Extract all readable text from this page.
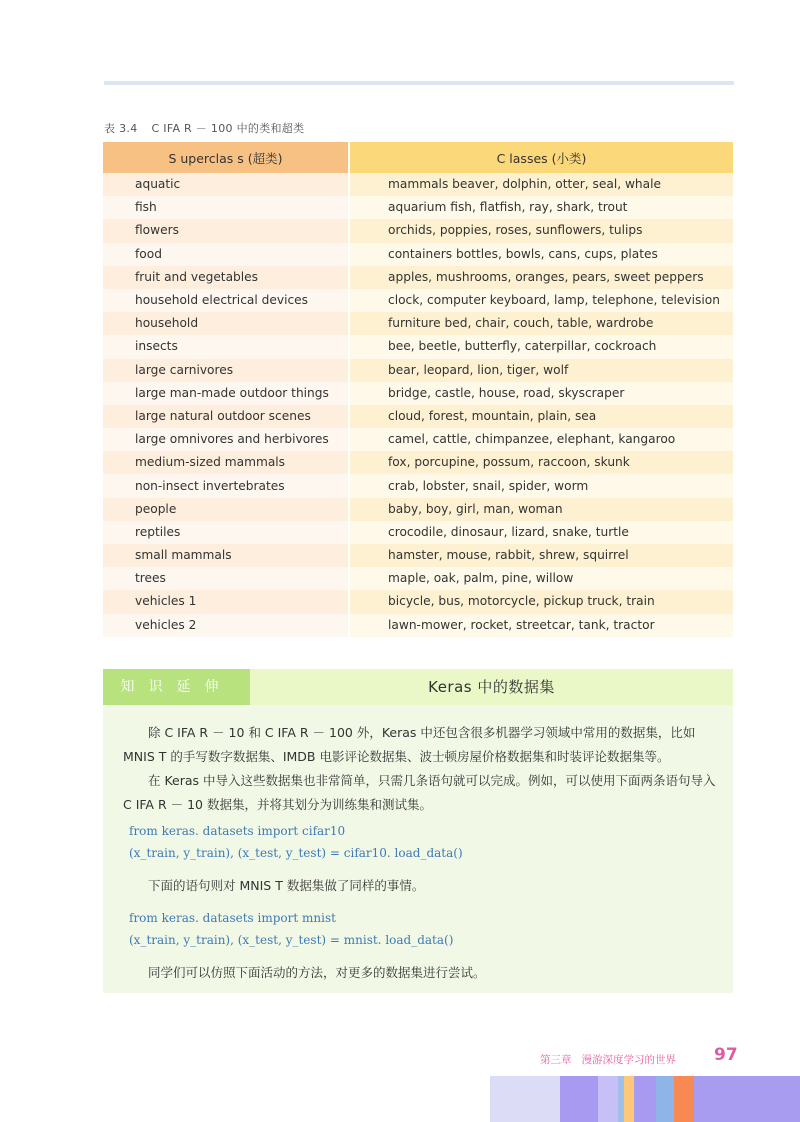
表 3.4 C IFA R － 100 中的类和超类
S uperclas s (超类)	C lasses (小类)
aquatic	mammals beaver, dolphin, otter, seal, whale
fish	aquarium fish, flatfish, ray, shark, trout
flowers	orchids, poppies, roses, sunflowers, tulips
food	containers bottles, bowls, cans, cups, plates
fruit and vegetables	apples, mushrooms, oranges, pears, sweet peppers
household electrical devices	clock, computer keyboard, lamp, telephone, television
household	furniture bed, chair, couch, table, wardrobe
insects	bee, beetle, butterfly, caterpillar, cockroach
large carnivores	bear, leopard, lion, tiger, wolf
large man-made outdoor things	bridge, castle, house, road, skyscraper
large natural outdoor scenes	cloud, forest, mountain, plain, sea
large omnivores and herbivores	camel, cattle, chimpanzee, elephant, kangaroo
medium-sized mammals	fox, porcupine, possum, raccoon, skunk
non-insect invertebrates	crab, lobster, snail, spider, worm
people	baby, boy, girl, man, woman
reptiles	crocodile, dinosaur, lizard, snake, turtle
small mammals	hamster, mouse, rabbit, shrew, squirrel
trees	maple, oak, palm, pine, willow
vehicles 1	bicycle, bus, motorcycle, pickup truck, train
vehicles 2	lawn-mower, rocket, streetcar, tank, tractor
知识延伸	Keras 中的数据集
　　除 C IFA R － 10 和 C IFA R － 100 外，Keras 中还包含很多机器学习领域中常用的数据集，比如 MNIS T 的手写数字数据集、IMDB 电影评论数据集、波士顿房屋价格数据集和时装评论数据集等。
　　在 Keras 中导入这些数据集也非常简单，只需几条语句就可以完成。例如，可以使用下面两条语句导入 C IFA R － 10 数据集，并将其划分为训练集和测试集。
from keras. datasets import cifar10
(x_train, y_train), (x_test, y_test) = cifar10. load_data()
　　下面的语句则对 MNIS T 数据集做了同样的事情。
from keras. datasets import mnist
(x_train, y_train), (x_test, y_test) = mnist. load_data()
　　同学们可以仿照下面活动的方法，对更多的数据集进行尝试。
第三章 漫游深度学习的世界	97
